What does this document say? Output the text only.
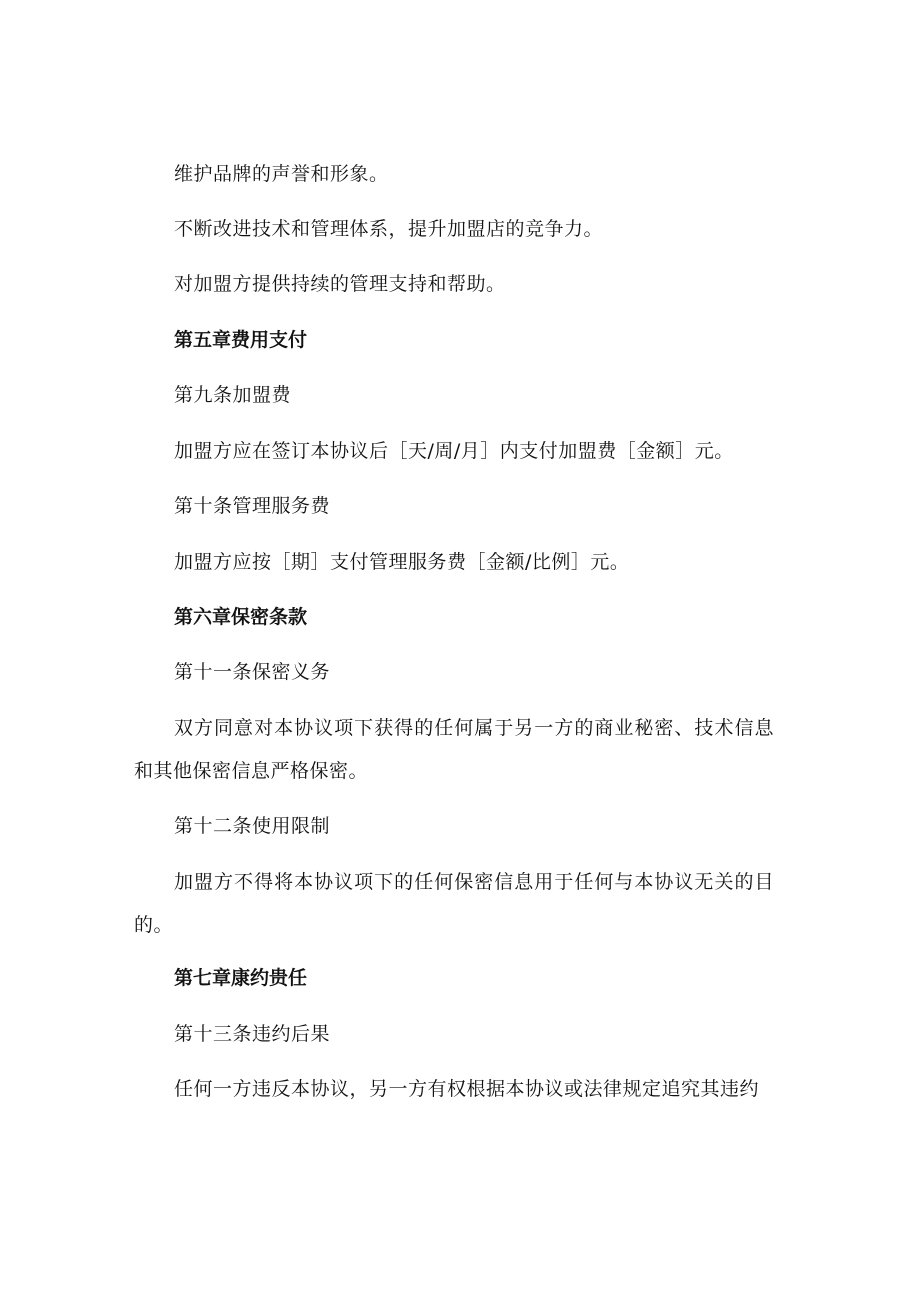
维护品牌的声誉和形象。
不断改进技术和管理体系，提升加盟店的竞争力。
对加盟方提供持续的管理支持和帮助。
第五章费用支付
第九条加盟费
加盟方应在签订本协议后［天/周/月］内支付加盟费［金额］元。
第十条管理服务费
加盟方应按［期］支付管理服务费［金额/比例］元。
第六章保密条款
第十一条保密义务
双方同意对本协议项下获得的任何属于另一方的商业秘密、技术信息和其他保密信息严格保密。
第十二条使用限制
加盟方不得将本协议项下的任何保密信息用于任何与本协议无关的目的。
第七章康约贵任
第十三条违约后果
任何一方违反本协议，另一方有权根据本协议或法律规定追究其违约
